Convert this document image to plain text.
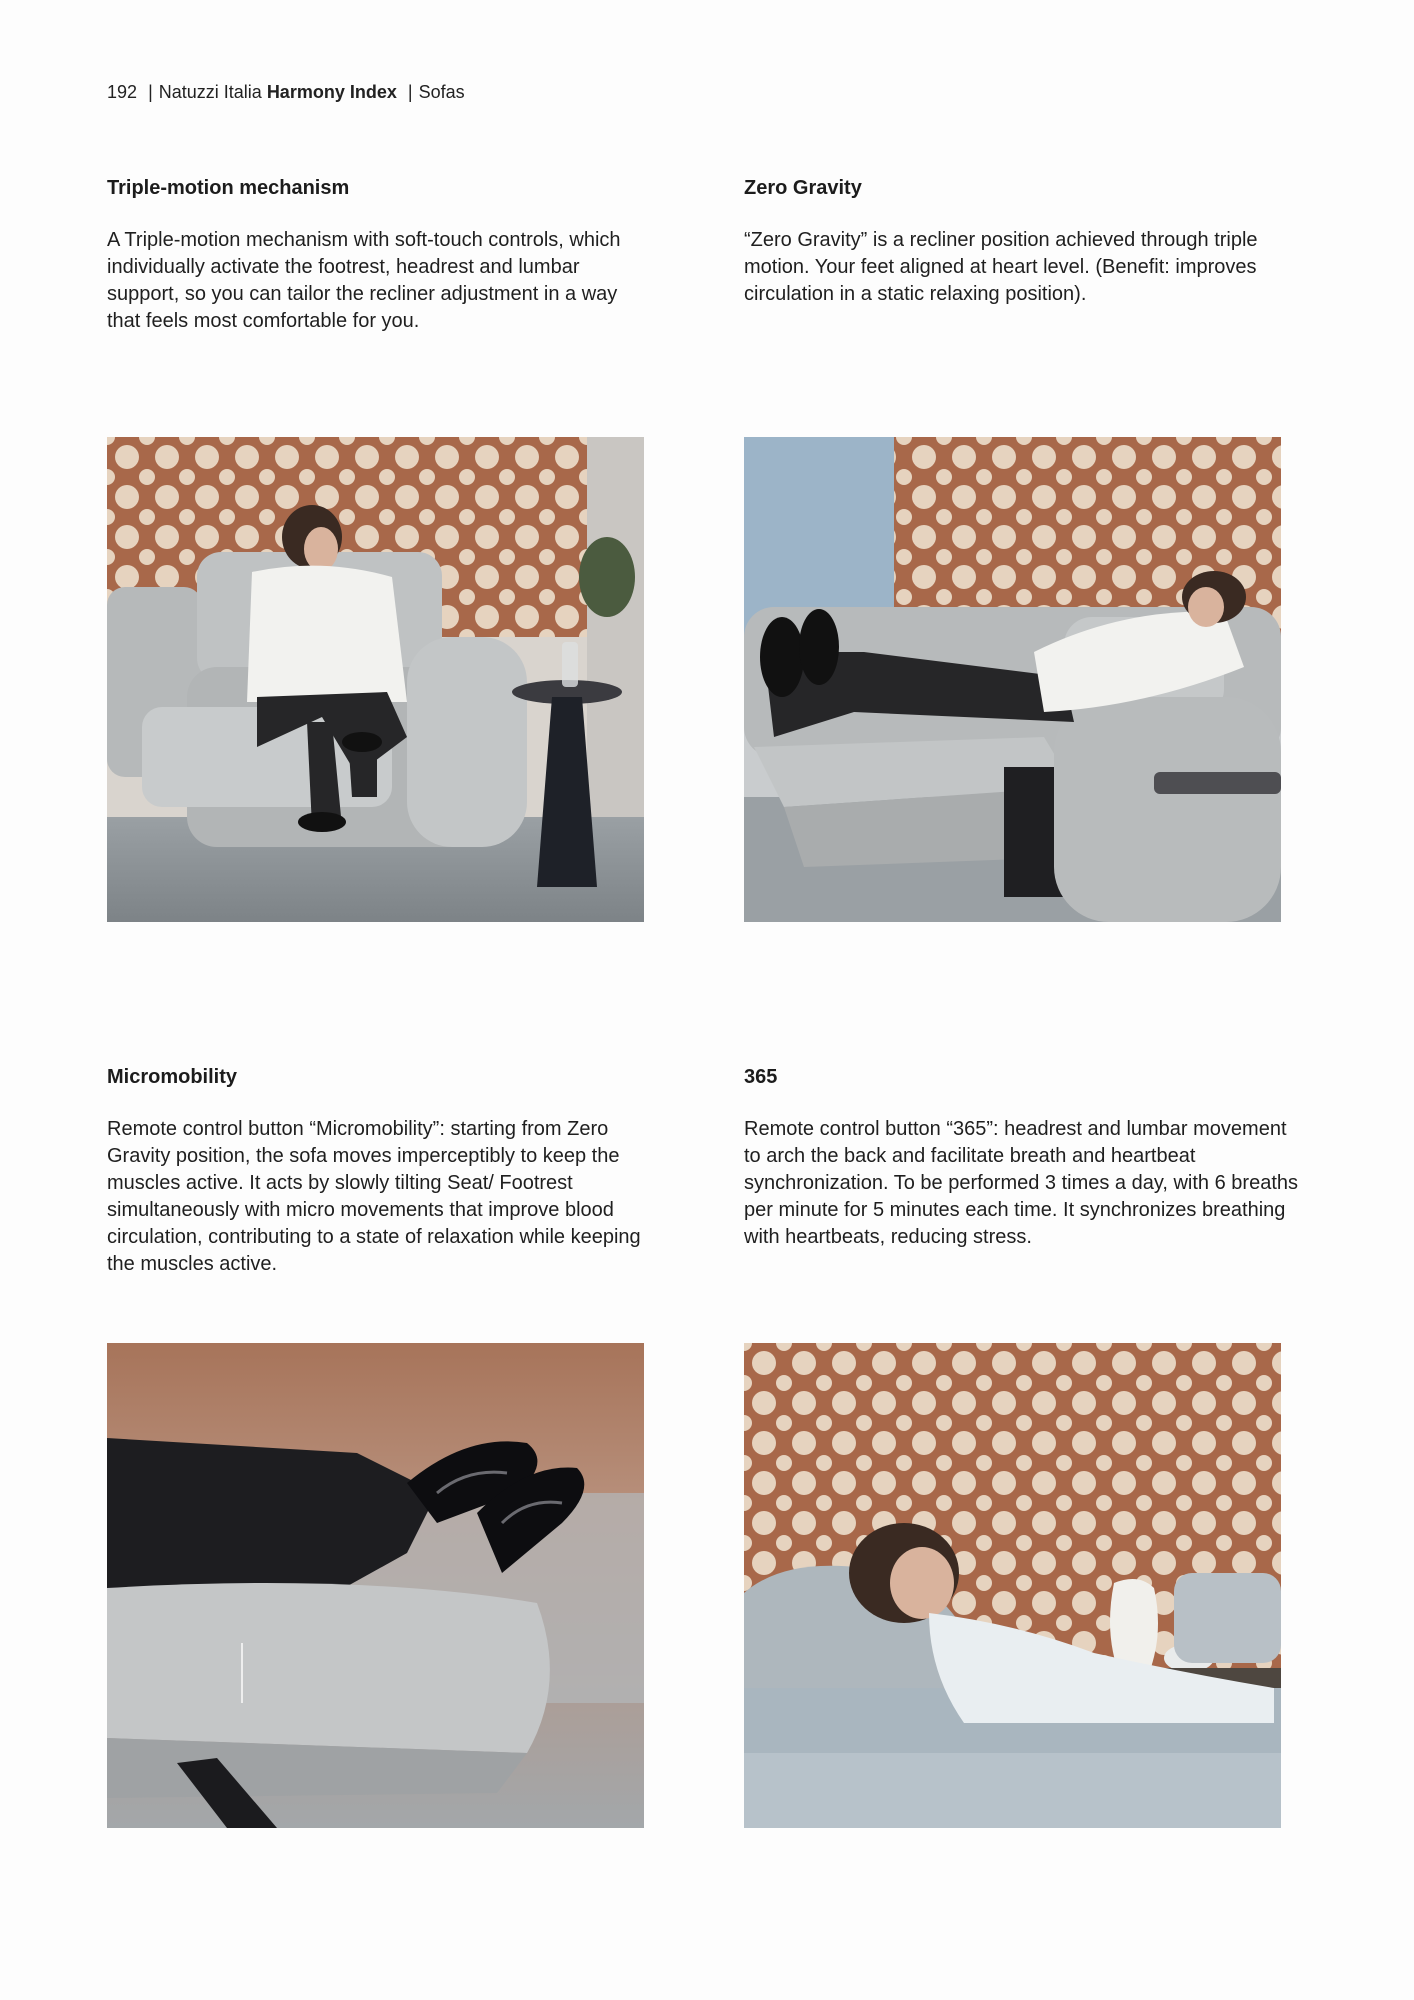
192 | Natuzzi Italia Harmony Index | Sofas
Triple-motion mechanism

A Triple-motion mechanism with soft-touch controls, which individually activate the footrest, headrest and lumbar support, so you can tailor the recliner adjustment in a way that feels most comfortable for you.

Zero Gravity

“Zero Gravity” is a recliner position achieved through triple motion. Your feet aligned at heart level. (Benefit: improves circulation in a static relaxing position).

Micromobility

Remote control button “Micromobility”: starting from Zero Gravity position, the sofa moves imperceptibly to keep the muscles active. It acts by slowly tilting Seat/ Footrest simultaneously with micro movements that improve blood circulation, contributing to a state of relaxation while keeping the muscles active.

365

Remote control button “365”: headrest and lumbar movement to arch the back and facilitate breath and heartbeat synchronization. To be performed 3 times a day, with 6 breaths per minute for 5 minutes each time. It synchronizes breathing with heartbeats, reducing stress.
